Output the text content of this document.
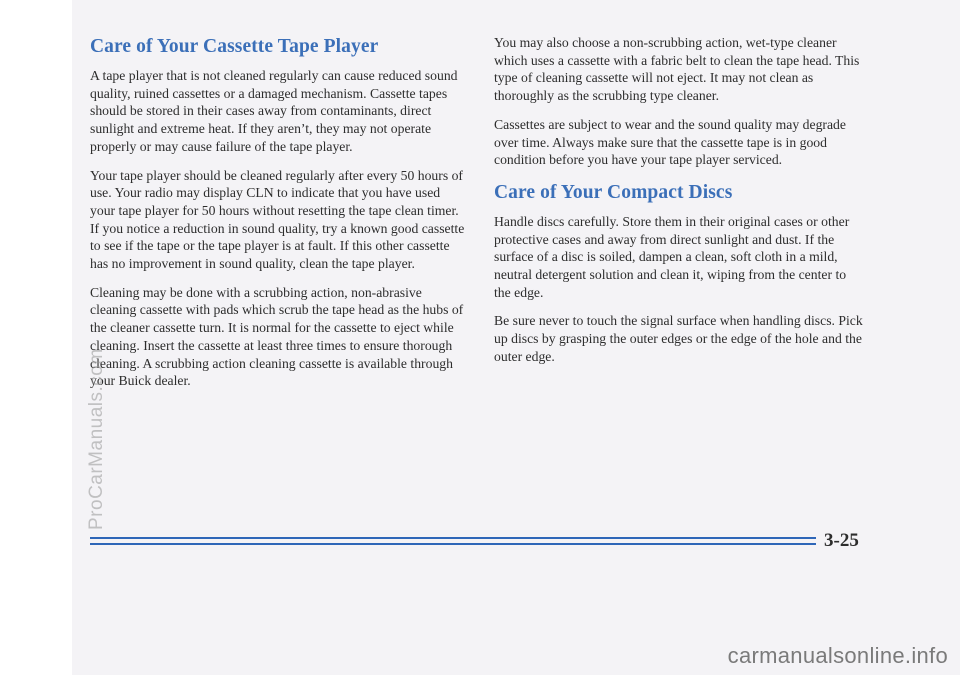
Care of Your Cassette Tape Player

A tape player that is not cleaned regularly can cause reduced sound quality, ruined cassettes or a damaged mechanism. Cassette tapes should be stored in their cases away from contaminants, direct sunlight and extreme heat. If they aren’t, they may not operate properly or may cause failure of the tape player.

Your tape player should be cleaned regularly after every 50 hours of use. Your radio may display CLN to indicate that you have used your tape player for 50 hours without resetting the tape clean timer. If you notice a reduction in sound quality, try a known good cassette to see if the tape or the tape player is at fault. If this other cassette has no improvement in sound quality, clean the tape player.

Cleaning may be done with a scrubbing action, non-abrasive cleaning cassette with pads which scrub the tape head as the hubs of the cleaner cassette turn. It is normal for the cassette to eject while cleaning. Insert the cassette at least three times to ensure thorough cleaning. A scrubbing action cleaning cassette is available through your Buick dealer.

You may also choose a non-scrubbing action, wet-type cleaner which uses a cassette with a fabric belt to clean the tape head. This type of cleaning cassette will not eject. It may not clean as thoroughly as the scrubbing type cleaner.

Cassettes are subject to wear and the sound quality may degrade over time. Always make sure that the cassette tape is in good condition before you have your tape player serviced.

Care of Your Compact Discs

Handle discs carefully. Store them in their original cases or other protective cases and away from direct sunlight and dust. If the surface of a disc is soiled, dampen a clean, soft cloth in a mild, neutral detergent solution and clean it, wiping from the center to the edge.

Be sure never to touch the signal surface when handling discs. Pick up discs by grasping the outer edges or the edge of the hole and the outer edge.

3-25
ProCarManuals.com
carmanualsonline.info
